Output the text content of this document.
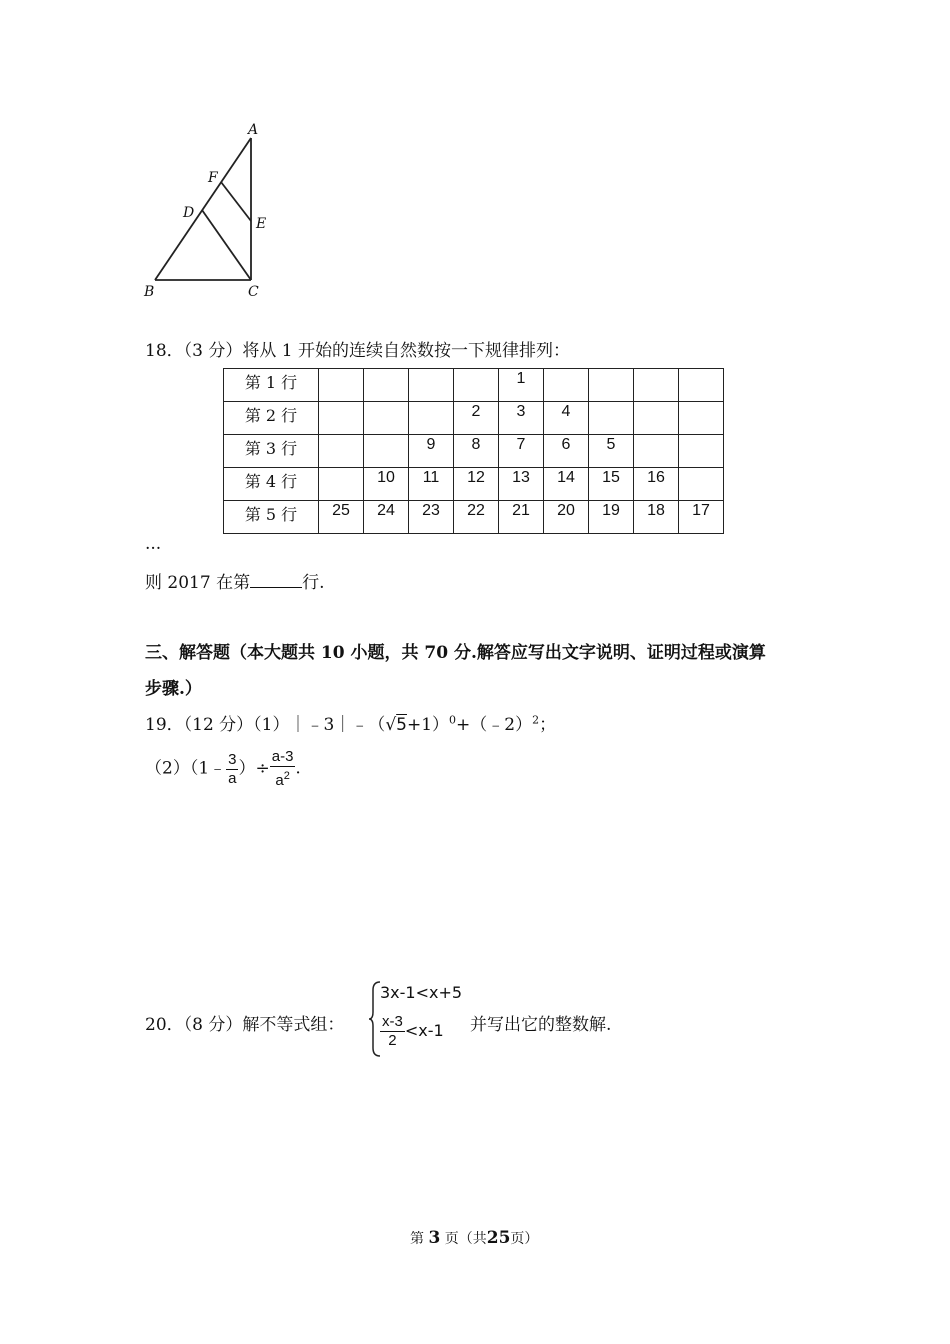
A
F
D
E
B	C
18．（3 分）将从 1 开始的连续自然数按一下规律排列：
第 1 行					1				
第 2 行				2	3	4			
第 3 行			9	8	7	6	5		
第 4 行		10	11	12	13	14	15	16	
第 5 行	25	24	23	22	21	20	19	18	17
...
则 2017 在第	行.
三、解答题（本大题共 10 小题，共 70 分.解答应写出文字说明、证明过程或演算
步骤.）
19．（12 分）$(1)|﹣3|﹣(√5+1)^0+(﹣2)^2$；
（2）（1﹣ $\frac{3}{a}$ ）÷ $\frac{a-3}{a^2}$ .
20．（8 分）解不等式组：
3x-1<x+5
$\frac{x-3}{2} <x-1$ 并写出它的整数解.
第 3 页（共25页）
